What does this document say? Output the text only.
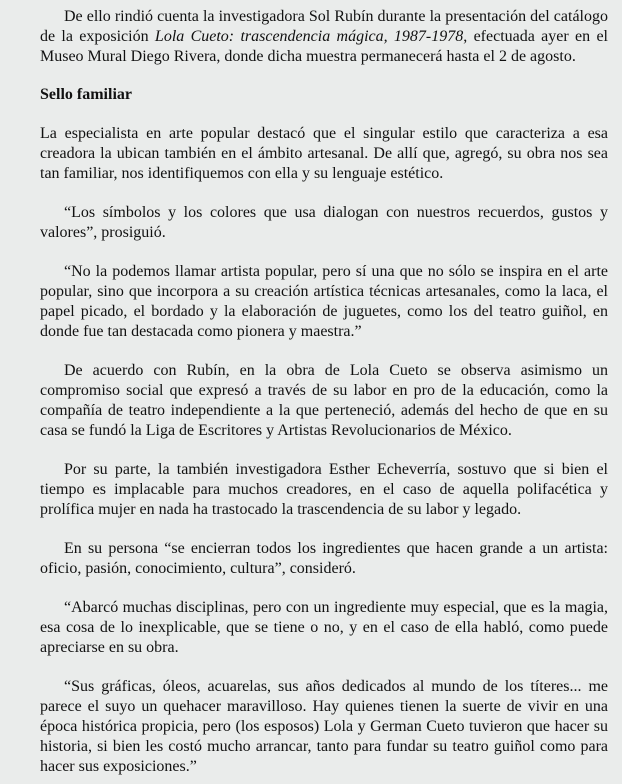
De ello rindió cuenta la investigadora Sol Rubín durante la presentación del catálogo de la exposición Lola Cueto: trascendencia mágica, 1987-1978, efectuada ayer en el Museo Mural Diego Rivera, donde dicha muestra permanecerá hasta el 2 de agosto.

Sello familiar

La especialista en arte popular destacó que el singular estilo que caracteriza a esa creadora la ubican también en el ámbito artesanal. De allí que, agregó, su obra nos sea tan familiar, nos identifiquemos con ella y su lenguaje estético.

“Los símbolos y los colores que usa dialogan con nuestros recuerdos, gustos y valores”, prosiguió.

“No la podemos llamar artista popular, pero sí una que no sólo se inspira en el arte popular, sino que incorpora a su creación artística técnicas artesanales, como la laca, el papel picado, el bordado y la elaboración de juguetes, como los del teatro guiñol, en donde fue tan destacada como pionera y maestra.”

De acuerdo con Rubín, en la obra de Lola Cueto se observa asimismo un compromiso social que expresó a través de su labor en pro de la educación, como la compañía de teatro independiente a la que perteneció, además del hecho de que en su casa se fundó la Liga de Escritores y Artistas Revolucionarios de México.

Por su parte, la también investigadora Esther Echeverría, sostuvo que si bien el tiempo es implacable para muchos creadores, en el caso de aquella polifacética y prolífica mujer en nada ha trastocado la trascendencia de su labor y legado.

En su persona “se encierran todos los ingredientes que hacen grande a un artista: oficio, pasión, conocimiento, cultura”, consideró.

“Abarcó muchas disciplinas, pero con un ingrediente muy especial, que es la magia, esa cosa de lo inexplicable, que se tiene o no, y en el caso de ella habló, como puede apreciarse en su obra.

“Sus gráficas, óleos, acuarelas, sus años dedicados al mundo de los títeres... me parece el suyo un quehacer maravilloso. Hay quienes tienen la suerte de vivir en una época histórica propicia, pero (los esposos) Lola y German Cueto tuvieron que hacer su historia, si bien les costó mucho arrancar, tanto para fundar su teatro guiñol como para hacer sus exposiciones.”
